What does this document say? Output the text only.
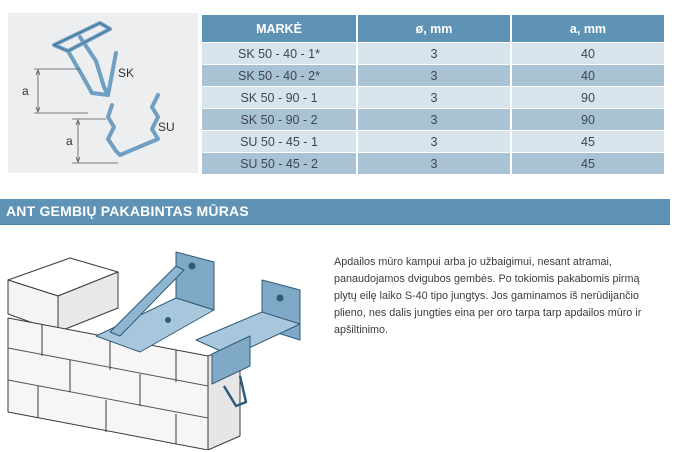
SK
a
SU
a
MARKĖ	ø, mm	a, mm
SK 50 - 40 - 1*	3	40
SK 50 - 40 - 2*	3	40
SK 50 - 90 - 1	3	90
SK 50 - 90 - 2	3	90
SU 50 - 45 - 1	3	45
SU 50 - 45 - 2	3	45
ANT GEMBIŲ PAKABINTAS MŪRAS

Apdailos mūro kampui arba jo užbaigimui, nesant atramai, panaudojamos dvigubos gembės. Po tokiomis pakabomis pirmą plytų eilę laiko S-40 tipo jungtys. Jos gaminamos iš nerūdijančio plieno, nes dalis jungties eina per oro tarpa tarp apdailos mūro ir apšiltinimo.
